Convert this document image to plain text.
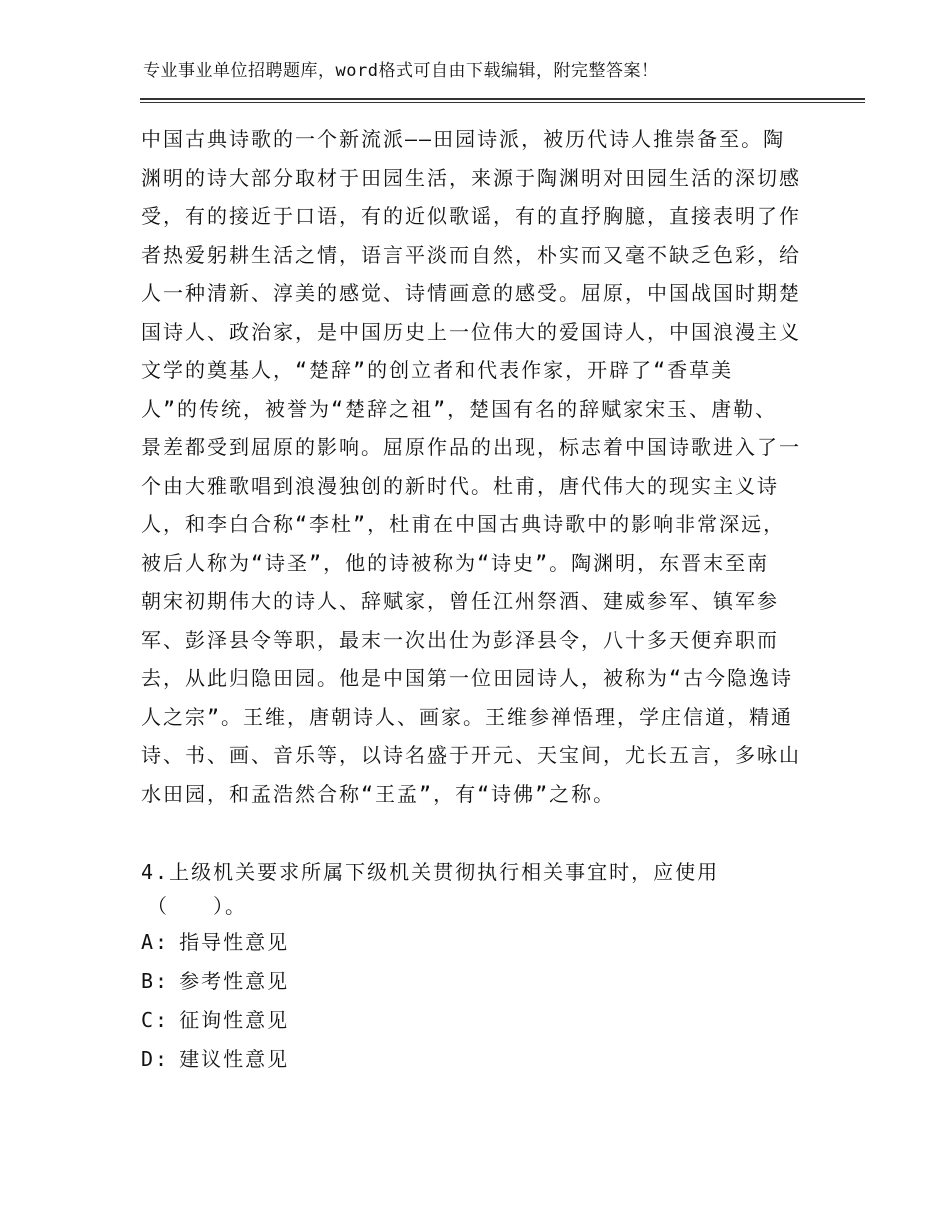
专业事业单位招聘题库，word格式可自由下载编辑，附完整答案！
中国古典诗歌的一个新流派——田园诗派，被历代诗人推崇备至。陶
渊明的诗大部分取材于田园生活，来源于陶渊明对田园生活的深切感
受，有的接近于口语，有的近似歌谣，有的直抒胸臆，直接表明了作
者热爱躬耕生活之情，语言平淡而自然，朴实而又毫不缺乏色彩，给
人一种清新、淳美的感觉、诗情画意的感受。屈原，中国战国时期楚
国诗人、政治家，是中国历史上一位伟大的爱国诗人，中国浪漫主义
文学的奠基人，“楚辞”的创立者和代表作家，开辟了“香草美
人”的传统，被誉为“楚辞之祖”，楚国有名的辞赋家宋玉、唐勒、
景差都受到屈原的影响。屈原作品的出现，标志着中国诗歌进入了一
个由大雅歌唱到浪漫独创的新时代。杜甫，唐代伟大的现实主义诗
人，和李白合称“李杜”，杜甫在中国古典诗歌中的影响非常深远，
被后人称为“诗圣”，他的诗被称为“诗史”。陶渊明，东晋末至南
朝宋初期伟大的诗人、辞赋家，曾任江州祭酒、建威参军、镇军参
军、彭泽县令等职，最末一次出仕为彭泽县令，八十多天便弃职而
去，从此归隐田园。他是中国第一位田园诗人，被称为“古今隐逸诗
人之宗”。王维，唐朝诗人、画家。王维参禅悟理，学庄信道，精通
诗、书、画、音乐等，以诗名盛于开元、天宝间，尤长五言，多咏山
水田园，和孟浩然合称“王孟”，有“诗佛”之称。
4.上级机关要求所属下级机关贯彻执行相关事宜时，应使用
（　　）。
A: 指导性意见
B: 参考性意见
C: 征询性意见
D: 建议性意见
